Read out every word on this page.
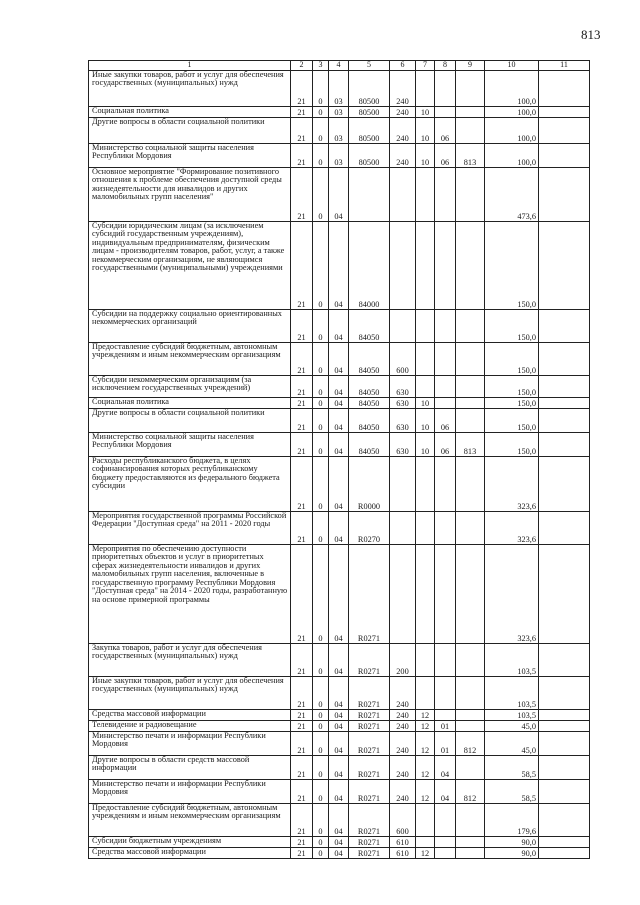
813
1	2	3	4	5	6	7	8	9	10	11
Иные закупки товаров, работ и услуг для обеспечения государственных (муниципальных) нужд	21	0	03	80500	240				100,0	
Социальная политика	21	0	03	80500	240	10			100,0	
Другие вопросы в области социальной политики	21	0	03	80500	240	10	06		100,0	
Министерство социальной защиты населения Республики Мордовия	21	0	03	80500	240	10	06	813	100,0	
Основное мероприятие "Формирование позитивного отношения к проблеме обеспечения доступной среды жизнедеятельности для инвалидов и других маломобильных групп населения"	21	0	04						473,6	
Субсидии юридическим лицам (за исключением субсидий государственным учреждениям), индивидуальным предпринимателям, физическим лицам - производителям товаров, работ, услуг, а также некоммерческим организациям, не являющимся государственными (муниципальными) учреждениями	21	0	04	84000					150,0	
Субсидии на поддержку социально ориентированных некоммерческих организаций	21	0	04	84050					150,0	
Предоставление субсидий бюджетным, автономным учреждениям и иным некоммерческим организациям	21	0	04	84050	600				150,0	
Субсидии некоммерческим организациям (за исключением государственных учреждений)	21	0	04	84050	630				150,0	
Социальная политика	21	0	04	84050	630	10			150,0	
Другие вопросы в области социальной политики	21	0	04	84050	630	10	06		150,0	
Министерство социальной защиты населения Республики Мордовия	21	0	04	84050	630	10	06	813	150,0	
Расходы республиканского бюджета, в целях софинансирования которых республиканскому бюджету предоставляются из федерального бюджета субсидии	21	0	04	R0000					323,6	
Мероприятия государственной программы Российской Федерации "Доступная среда" на 2011 - 2020 годы	21	0	04	R0270					323,6	
Мероприятия по обеспечению доступности приоритетных объектов и услуг в приоритетных сферах жизнедеятельности инвалидов и других маломобильных групп населения, включенные в государственную программу Республики Мордовия "Доступная среда" на 2014 - 2020 годы, разработанную на основе примерной программы	21	0	04	R0271					323,6	
Закупка товаров, работ и услуг для обеспечения государственных (муниципальных) нужд	21	0	04	R0271	200				103,5	
Иные закупки товаров, работ и услуг для обеспечения государственных (муниципальных) нужд	21	0	04	R0271	240				103,5	
Средства массовой информации	21	0	04	R0271	240	12			103,5	
Телевидение и радиовещание	21	0	04	R0271	240	12	01		45,0	
Министерство печати и информации Республики Мордовия	21	0	04	R0271	240	12	01	812	45,0	
Другие вопросы в области средств массовой информации	21	0	04	R0271	240	12	04		58,5	
Министерство печати и информации Республики Мордовия	21	0	04	R0271	240	12	04	812	58,5	
Предоставление субсидий бюджетным, автономным учреждениям и иным некоммерческим организациям	21	0	04	R0271	600				179,6	
Субсидии бюджетным учреждениям	21	0	04	R0271	610				90,0	
Средства массовой информации	21	0	04	R0271	610	12			90,0	
